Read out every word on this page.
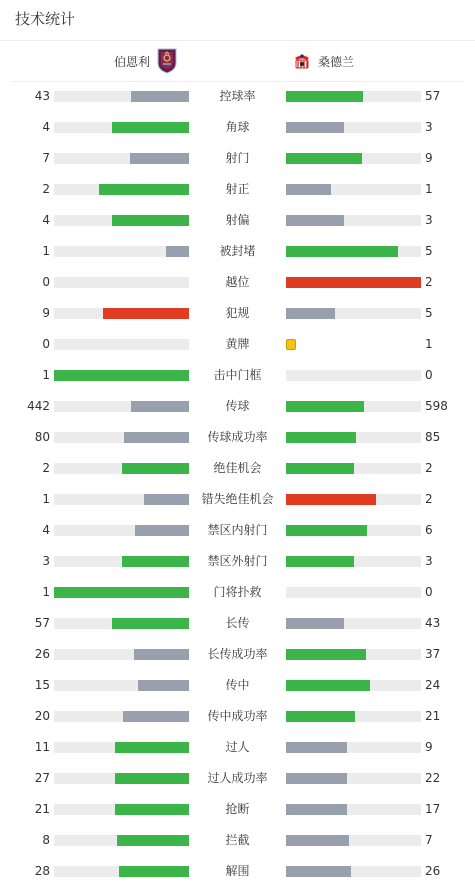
技术统计
伯恩利	桑德兰
43	控球率	57
4	角球	3
7	射门	9
2	射正	1
4	射偏	3
1	被封堵	5
0	越位	2
9	犯规	5
0	黄牌	1
1	击中门框	0
442	传球	598
80	传球成功率	85
2	绝佳机会	2
1	错失绝佳机会	2
4	禁区内射门	6
3	禁区外射门	3
1	门将扑救	0
57	长传	43
26	长传成功率	37
15	传中	24
20	传中成功率	21
11	过人	9
27	过人成功率	22
21	抢断	17
8	拦截	7
28	解围	26
